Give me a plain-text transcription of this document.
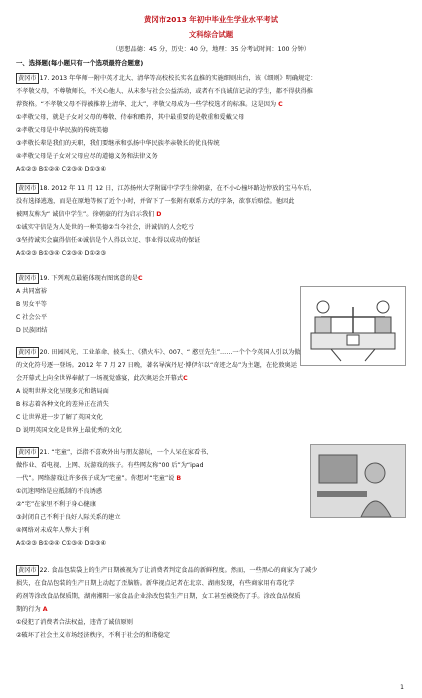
黄冈市2013 年初中毕业生学业水平考试
文科综合试题
（思想品德：45 分，历史：40 分，地理：35 分考试时间：100 分钟）
一、选择题(每小题只有一个选项最符合题意)
黄冈市 17. 2013 年华师一附中英才北大、清华等高校校长实名直推的实施细则出台，该《细则》明确规定：
不孝敬父母，不尊敬师长，不关心他人、从未参与社会公益活动，或者有不良诚信记录的学生，都不得获得推
荐资格。“不孝敬父母不得被推荐上清华、北大”，孝敬父母成为一些学校选才的标准。这是因为 C
①孝敬父母，就是子女对父母的尊敬、侍奉和赡养，其中最重要的是敬重和爱戴父母
②孝敬父母是中华民族的传统美德
③孝敬长辈是我们的天职，我们要继承和弘扬中华民族孝亲敬长的优良传统
④孝敬父母是子女对父母应尽的道德义务和法律义务
A①②③ B①②④ C②③④ D①③④
黄冈市 18. 2012 年 11 月 12 日，江苏扬州大学附属中学学生徐朝豪，在不小心撞坏路边停放的宝马车后，
没有选择逃逸，而是在原地等候了近个小时，并留下了一张附有联系方式的字条，欲事后赔偿。他因此
被网友称为“ 诚信中学生”。徐朝豪的行为启示我们 D
①诚实守信是为人处世的一种美德②当今社会，讲诚信的人会吃亏
③坚持诚实会赢得信任④诚信是个人得以立足、事业得以成功的保证
A①②③ B①③④ C②③④ D①②③
黄冈市 19. 下列观点最能体现右图寓意的是C
A 共同富裕
B 男女平等
C 社会公平
D 民族团结
黄冈市 20. 田园风光、工业革命、披头士、《猎火车》、007、“ 憨豆先生”……一个个令英国人引以为傲
的文化符号逐一登场。2012 年 7 月 27 日晚，著名导演丹尼·博伊尔以“奇迹之岛”为主题，在伦敦奥运
会开幕式上向全世界奉献了一场视觉盛宴，此次奥运会开幕式C
A 说明世界文化呈现多元和谐局面
B 标志着各种文化的差异正在消失
C 让世界进一步了解了英国文化
D 说明英国文化是世界上最优秀的文化
黄冈市 21. “宅童”，泛指不喜欢外出与朋友游玩，一个人呆在家看书、
做作业、看电视、上网、玩游戏的孩子。有些网友称“00 后”为“ipad
一代”。网络游戏让许多孩子成为“宅童”。你想对“宅童”说 B
①沉迷网络是应抵制的不良诱惑
②“宅”在家里不利于身心健康
③封闭自己不利于良好人际关系的建立
④网络对未成年人弊大于利
A①②③ B①②④ C①③④ D②③④
黄冈市 22. 食品包装袋上的生产日期被视为了让消费者判定食品的新鲜程度。然而，一些黑心的商家为了减少
损失，在食品包装的生产日期上动起了歪脑筋。新华视点记者在北京、湖南发现，有些商家用有毒化学
药剂等涂改食品保质期，湖南湘阳一家食品企业涂改包装生产日期，女工甚至被烧伤了手。涂改食品保质
期的行为 A
①侵犯了消费者合法权益，违背了诚信原则
②破坏了社会主义市场经济秩序，不利于社会的和谐稳定
1
